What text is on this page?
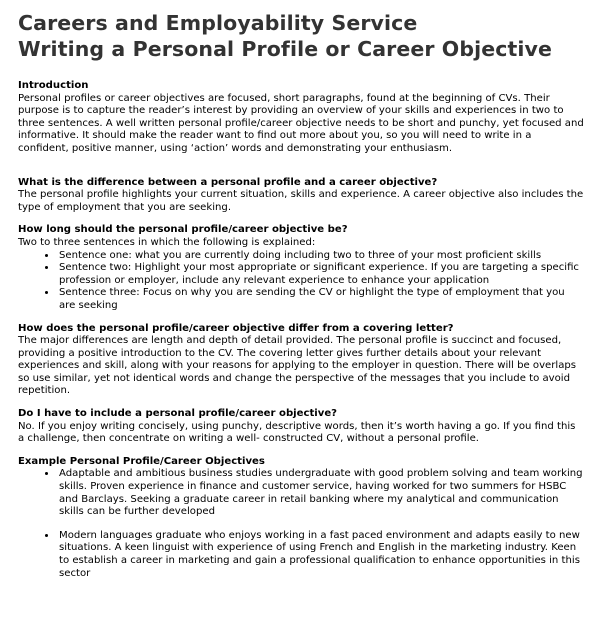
Careers and Employability Service
Writing a Personal Profile or Career Objective
Introduction

Personal profiles or career objectives are focused, short paragraphs, found at the beginning of CVs. Their purpose is to capture the reader’s interest by providing an overview of your skills and experiences in two to three sentences. A well written personal profile/career objective needs to be short and punchy, yet focused and informative. It should make the reader want to find out more about you, so you will need to write in a confident, positive manner, using ‘action’ words and demonstrating your enthusiasm.

What is the difference between a personal profile and a career objective?

The personal profile highlights your current situation, skills and experience. A career objective also includes the type of employment that you are seeking.

How long should the personal profile/career objective be?

Two to three sentences in which the following is explained:

• Sentence one: what you are currently doing including two to three of your most proficient skills
• Sentence two: Highlight your most appropriate or significant experience. If you are targeting a specific profession or employer, include any relevant experience to enhance your application
• Sentence three: Focus on why you are sending the CV or highlight the type of employment that you are seeking
How does the personal profile/career objective differ from a covering letter?

The major differences are length and depth of detail provided. The personal profile is succinct and focused, providing a positive introduction to the CV. The covering letter gives further details about your relevant experiences and skill, along with your reasons for applying to the employer in question. There will be overlaps so use similar, yet not identical words and change the perspective of the messages that you include to avoid repetition.

Do I have to include a personal profile/career objective?

No. If you enjoy writing concisely, using punchy, descriptive words, then it’s worth having a go. If you find this a challenge, then concentrate on writing a well- constructed CV, without a personal profile.

Example Personal Profile/Career Objectives
• Adaptable and ambitious business studies undergraduate with good problem solving and team working skills. Proven experience in finance and customer service, having worked for two summers for HSBC and Barclays. Seeking a graduate career in retail banking where my analytical and communication skills can be further developed
• Modern languages graduate who enjoys working in a fast paced environment and adapts easily to new situations. A keen linguist with experience of using French and English in the marketing industry. Keen to establish a career in marketing and gain a professional qualification to enhance opportunities in this sector
